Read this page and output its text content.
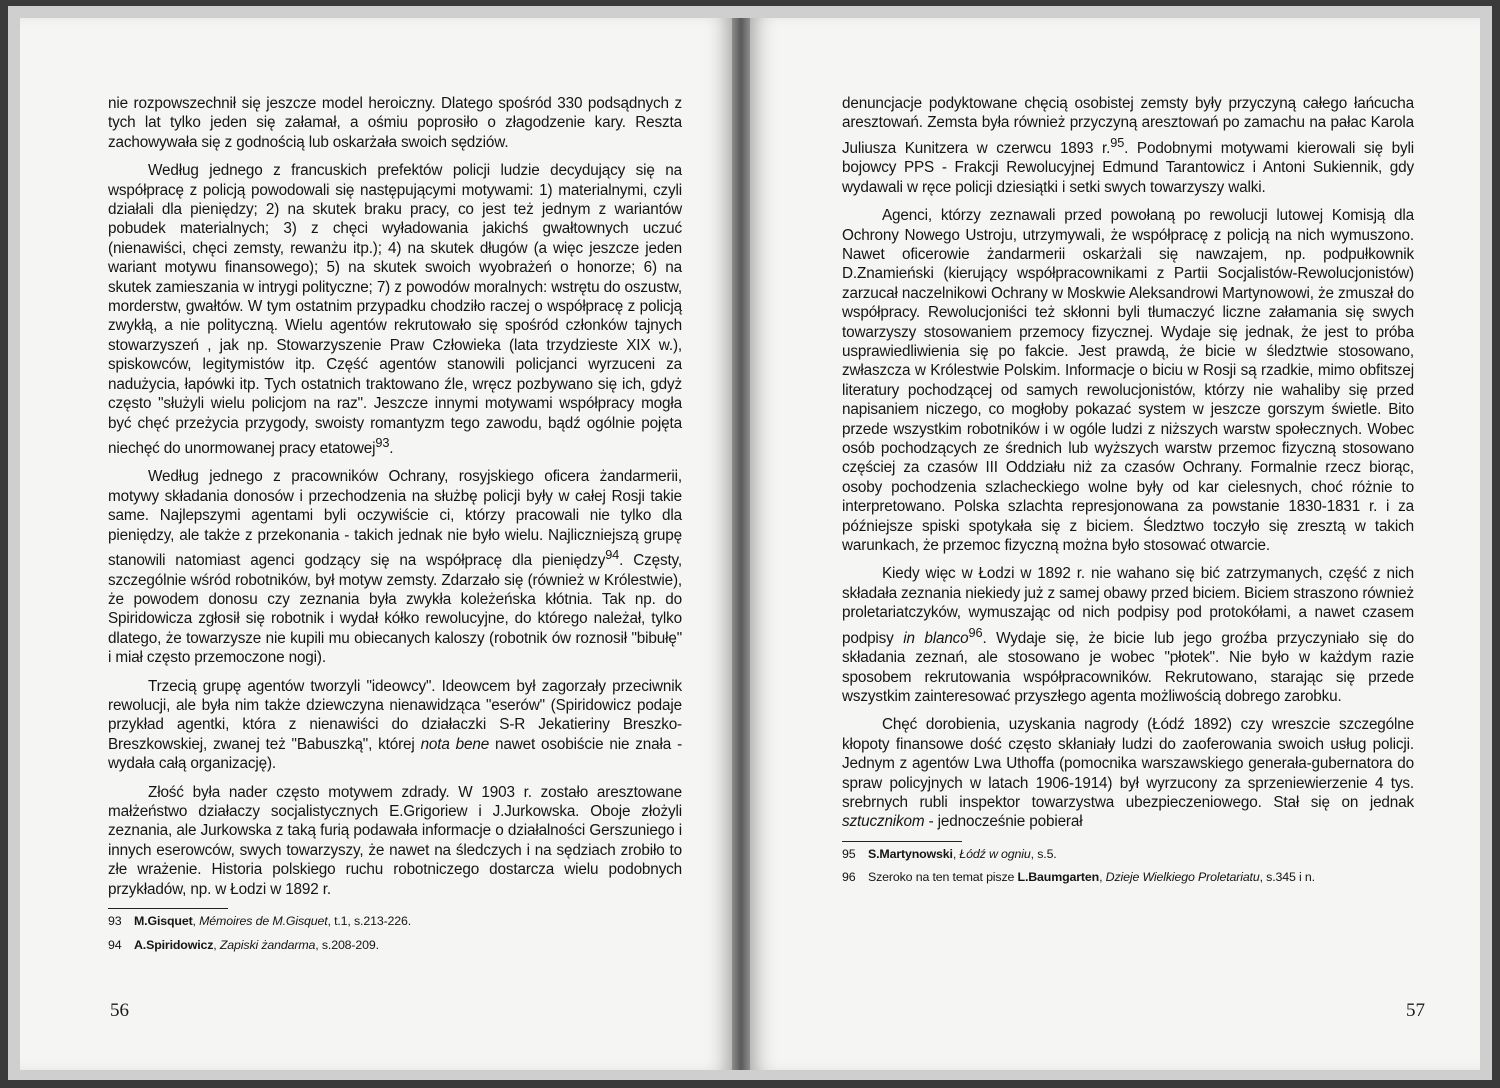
nie rozpowszechnił się jeszcze model heroiczny. Dlatego spośród 330 podsądnych z tych lat tylko jeden się załamał, a ośmiu poprosiło o złagodzenie kary. Reszta zachowywała się z godnością lub oskarżała swoich sędziów.

Według jednego z francuskich prefektów policji ludzie decydujący się na współpracę z policją powodowali się następującymi motywami: 1) materialnymi, czyli działali dla pieniędzy; 2) na skutek braku pracy, co jest też jednym z wariantów pobudek materialnych; 3) z chęci wyładowania jakichś gwałtownych uczuć (nienawiści, chęci zemsty, rewanżu itp.); 4) na skutek długów (a więc jeszcze jeden wariant motywu finansowego); 5) na skutek swoich wyobrażeń o honorze; 6) na skutek zamieszania w intrygi polityczne; 7) z powodów moralnych: wstrętu do oszustw, morderstw, gwałtów. W tym ostatnim przypadku chodziło raczej o współpracę z policją zwykłą, a nie polityczną. Wielu agentów rekrutowało się spośród członków tajnych stowarzyszeń , jak np. Stowarzyszenie Praw Człowieka (lata trzydzieste XIX w.), spiskowców, legitymistów itp. Część agentów stanowili policjanci wyrzuceni za nadużycia, łapówki itp. Tych ostatnich traktowano źle, wręcz pozbywano się ich, gdyż często "służyli wielu policjom na raz". Jeszcze innymi motywami współpracy mogła być chęć przeżycia przygody, swoisty romantyzm tego zawodu, bądź ogólnie pojęta niechęć do unormowanej pracy etatowej$^{93}$.

Według jednego z pracowników Ochrany, rosyjskiego oficera żandarmerii, motywy składania donosów i przechodzenia na służbę policji były w całej Rosji takie same. Najlepszymi agentami byli oczywiście ci, którzy pracowali nie tylko dla pieniędzy, ale także z przekonania - takich jednak nie było wielu. Najliczniejszą grupę stanowili natomiast agenci godzący się na współpracę dla pieniędzy$^{94}$. Częsty, szczególnie wśród robotników, był motyw zemsty. Zdarzało się (również w Królestwie), że powodem donosu czy zeznania była zwykła koleżeńska kłótnia. Tak np. do Spiridowicza zgłosił się robotnik i wydał kółko rewolucyjne, do którego należał, tylko dlatego, że towarzysze nie kupili mu obiecanych kaloszy (robotnik ów roznosił "bibułę" i miał często przemoczone nogi).

Trzecią grupę agentów tworzyli "ideowcy". Ideowcem był zagorzały przeciwnik rewolucji, ale była nim także dziewczyna nienawidząca "eserów" (Spiridowicz podaje przykład agentki, która z nienawiści do działaczki S-R Jekatieriny Breszko-Breszkowskiej, zwanej też "Babuszką", której nota bene nawet osobiście nie znała - wydała całą organizację).

Złość była nader często motywem zdrady. W 1903 r. zostało aresztowane małżeństwo działaczy socjalistycznych E.Grigoriew i J.Jurkowska. Oboje złożyli zeznania, ale Jurkowska z taką furią podawała informacje o działalności Gerszuniego i innych eserowców, swych towarzyszy, że nawet na śledczych i na sędziach zrobiło to złe wrażenie. Historia polskiego ruchu robotniczego dostarcza wielu podobnych przykładów, np. w Łodzi w 1892 r.

93 M.Gisquet, Mémoires de M.Gisquet, t.1, s.213-226.

94 A.Spiridowicz, Zapiski żandarma, s.208-209.

56

denuncjacje podyktowane chęcią osobistej zemsty były przyczyną całego łańcucha aresztowań. Zemsta była również przyczyną aresztowań po zamachu na pałac Karola Juliusza Kunitzera w czerwcu 1893 r.$^{95}$. Podobnymi motywami kierowali się byli bojowcy PPS - Frakcji Rewolucyjnej Edmund Tarantowicz i Antoni Sukiennik, gdy wydawali w ręce policji dziesiątki i setki swych towarzyszy walki.

Agenci, którzy zeznawali przed powołaną po rewolucji lutowej Komisją dla Ochrony Nowego Ustroju, utrzymywali, że współpracę z policją na nich wymuszono. Nawet oficerowie żandarmerii oskarżali się nawzajem, np. podpułkownik D.Znamieński (kierujący współpracownikami z Partii Socjalistów-Rewolucjonistów) zarzucał naczelnikowi Ochrany w Moskwie Aleksandrowi Martynowowi, że zmuszał do współpracy. Rewolucjoniści też skłonni byli tłumaczyć liczne załamania się swych towarzyszy stosowaniem przemocy fizycznej. Wydaje się jednak, że jest to próba usprawiedliwienia się po fakcie. Jest prawdą, że bicie w śledztwie stosowano, zwłaszcza w Królestwie Polskim. Informacje o biciu w Rosji są rzadkie, mimo obfitszej literatury pochodzącej od samych rewolucjonistów, którzy nie wahaliby się przed napisaniem niczego, co mogłoby pokazać system w jeszcze gorszym świetle. Bito przede wszystkim robotników i w ogóle ludzi z niższych warstw społecznych. Wobec osób pochodzących ze średnich lub wyższych warstw przemoc fizyczną stosowano częściej za czasów III Oddziału niż za czasów Ochrany. Formalnie rzecz biorąc, osoby pochodzenia szlacheckiego wolne były od kar cielesnych, choć różnie to interpretowano. Polska szlachta represjonowana za powstanie 1830-1831 r. i za późniejsze spiski spotykała się z biciem. Śledztwo toczyło się zresztą w takich warunkach, że przemoc fizyczną można było stosować otwarcie.

Kiedy więc w Łodzi w 1892 r. nie wahano się bić zatrzymanych, część z nich składała zeznania niekiedy już z samej obawy przed biciem. Biciem straszono również proletariatczyków, wymuszając od nich podpisy pod protokółami, a nawet czasem podpisy in blanco$^{96}$. Wydaje się, że bicie lub jego groźba przyczyniało się do składania zeznań, ale stosowano je wobec "płotek". Nie było w każdym razie sposobem rekrutowania współpracowników. Rekrutowano, starając się przede wszystkim zainteresować przyszłego agenta możliwością dobrego zarobku.

Chęć dorobienia, uzyskania nagrody (Łódź 1892) czy wreszcie szczególne kłopoty finansowe dość często skłaniały ludzi do zaoferowania swoich usług policji. Jednym z agentów Lwa Uthoffa (pomocnika warszawskiego generała-gubernatora do spraw policyjnych w latach 1906-1914) był wyrzucony za sprzeniewierzenie 4 tys. srebrnych rubli inspektor towarzystwa ubezpieczeniowego. Stał się on jednak sztucznikom - jednocześnie pobierał

95 S.Martynowski, Łódź w ogniu, s.5.

96 Szeroko na ten temat pisze L.Baumgarten, Dzieje Wielkiego Proletariatu, s.345 i n.

57
